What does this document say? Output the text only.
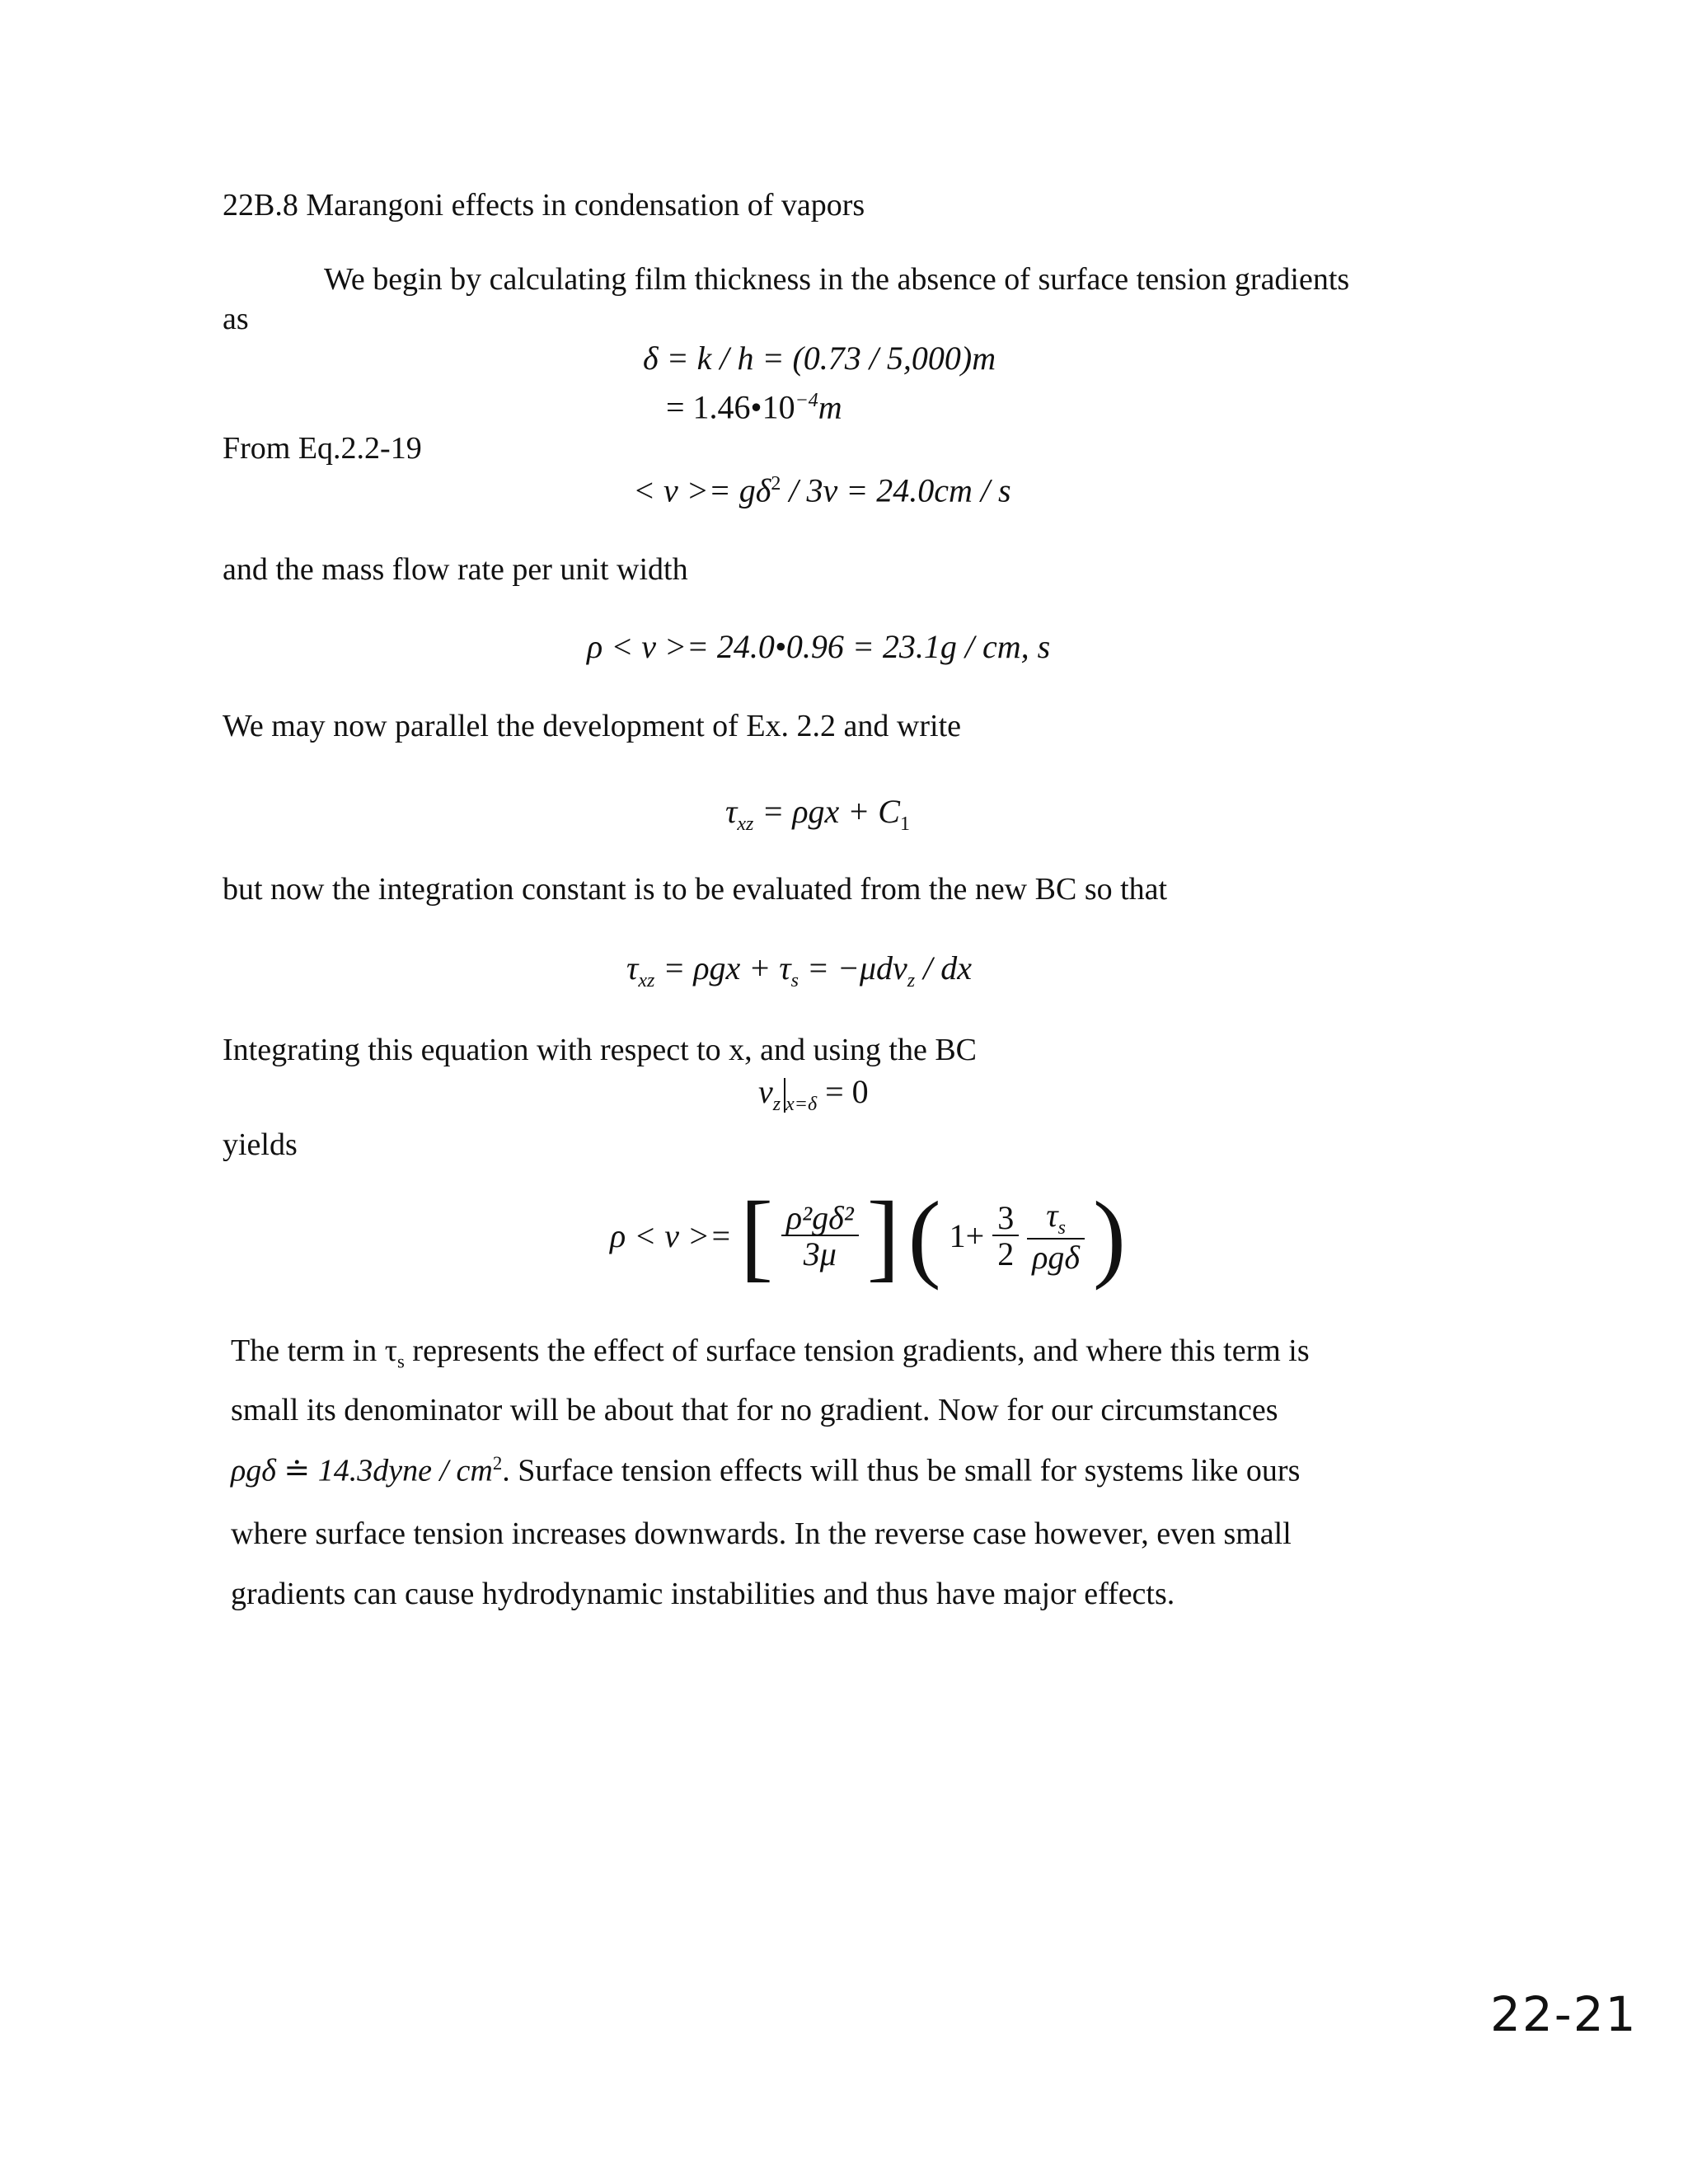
22B.8 Marangoni effects in condensation of vapors
We begin by calculating film thickness in the absence of surface tension gradients
as
δ = k / h = (0.73 / 5,000)m
= $1.46•10^{-4}m$
From Eq.2.2-19
< $v >= g\delta^2 / 3\nu = 24.0cm / s$
and the mass flow rate per unit width
ρ < v >= 24.0•0.96 = 23.1g / cm, s
We may now parallel the development of Ex. 2.2 and write
$\tau_{xz} = \rho gx + C_1$
but now the integration constant is to be evaluated from the new BC so that
$\tau_{xz} = \rho gx + \tau_s = -\mu dv_z$ / dx
Integrating this equation with respect to x, and using the BC
$v_z$ $_{x=\delta}$ = 0
yields
ρ < v >= [ $\frac{\text{ρ²gδ²}}{3\mu}$ ] ( $1+ \frac{3}{2}$
$\frac{\tau_s}{\text{ρgδ}}$ )
The term in $\tau_s$ represents the effect of surface tension gradients, and where this term is
small its denominator will be about that for no gradient. Now for our circumstances
ρgδ ≐ 14.3dyne / $cm^2$. Surface tension effects will thus be small for systems like ours
where surface tension increases downwards. In the reverse case however, even small
gradients can cause hydrodynamic instabilities and thus have major effects.
22-21
